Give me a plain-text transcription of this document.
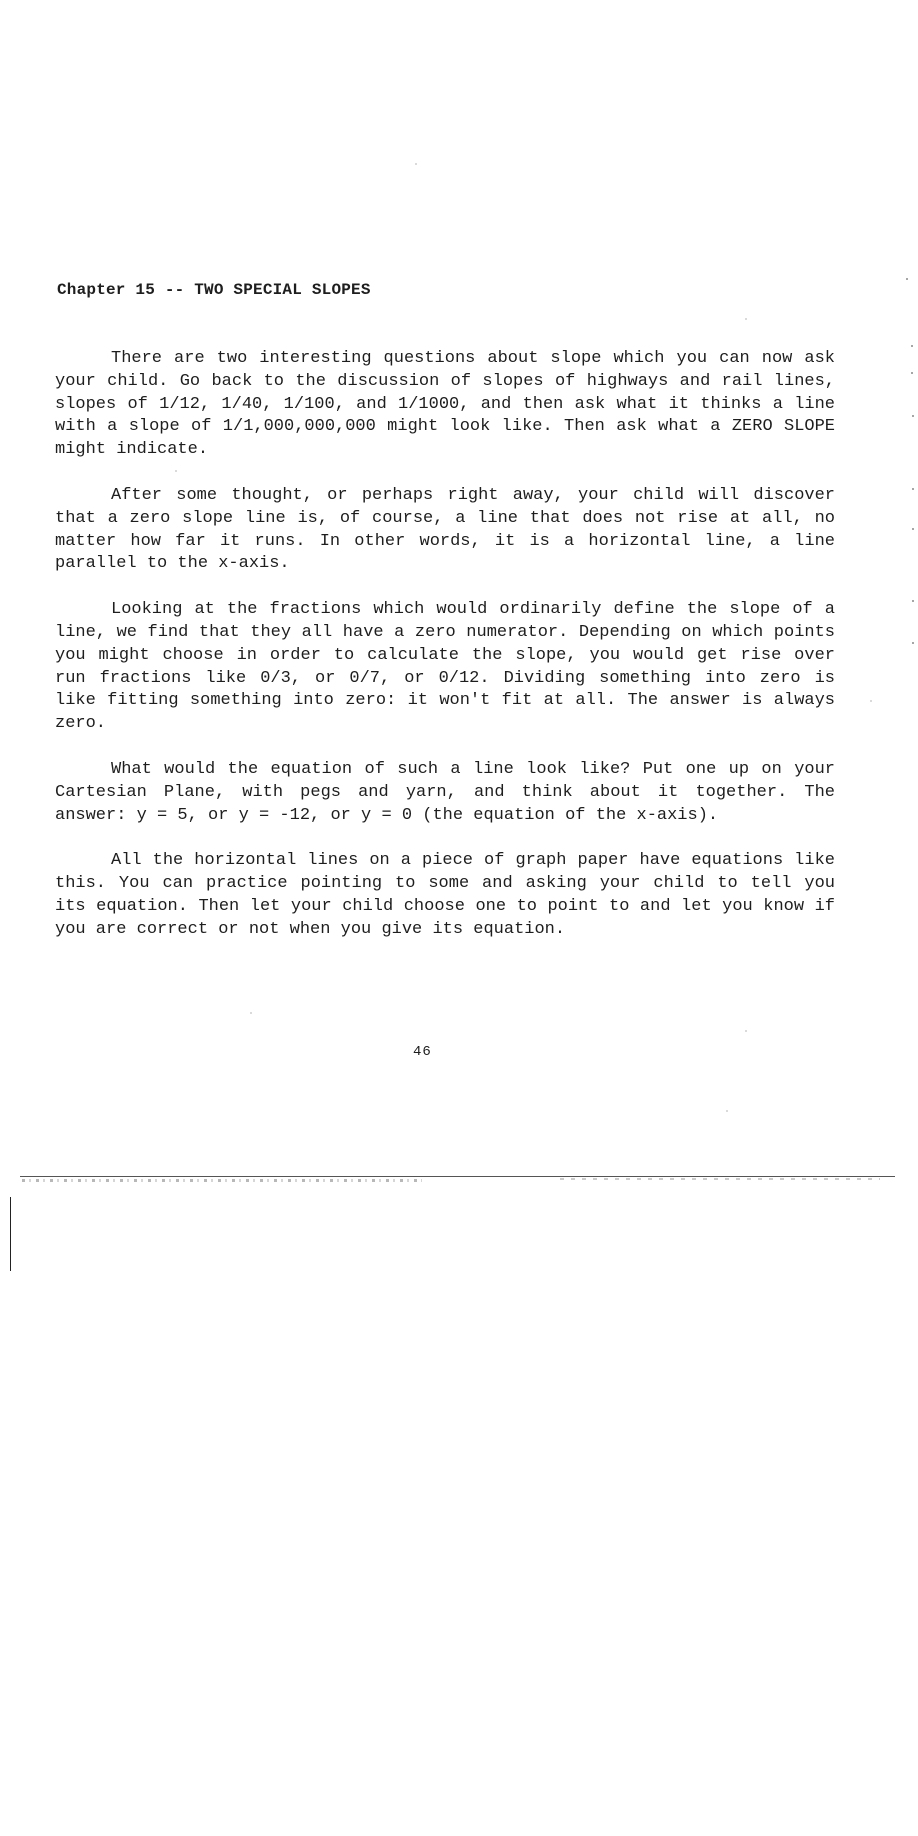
Chapter 15 -- TWO SPECIAL SLOPES

There are two interesting questions about slope which you can now ask your child. Go back to the discussion of slopes of highways and rail lines, slopes of 1/12, 1/40, 1/100, and 1/1000, and then ask what it thinks a line with a slope of 1/1,000,000,000 might look like. Then ask what a ZERO SLOPE might indicate.

After some thought, or perhaps right away, your child will discover that a zero slope line is, of course, a line that does not rise at all, no matter how far it runs. In other words, it is a horizontal line, a line parallel to the x-axis.

Looking at the fractions which would ordinarily define the slope of a line, we find that they all have a zero numerator. Depending on which points you might choose in order to calculate the slope, you would get rise over run fractions like 0/3, or 0/7, or 0/12. Dividing something into zero is like fitting something into zero: it won't fit at all. The answer is always zero.

What would the equation of such a line look like? Put one up on your Cartesian Plane, with pegs and yarn, and think about it together. The answer: y = 5, or y = -12, or y = 0 (the equation of the x-axis).

All the horizontal lines on a piece of graph paper have equations like this. You can practice pointing to some and asking your child to tell you its equation. Then let your child choose one to point to and let you know if you are correct or not when you give its equation.

46
